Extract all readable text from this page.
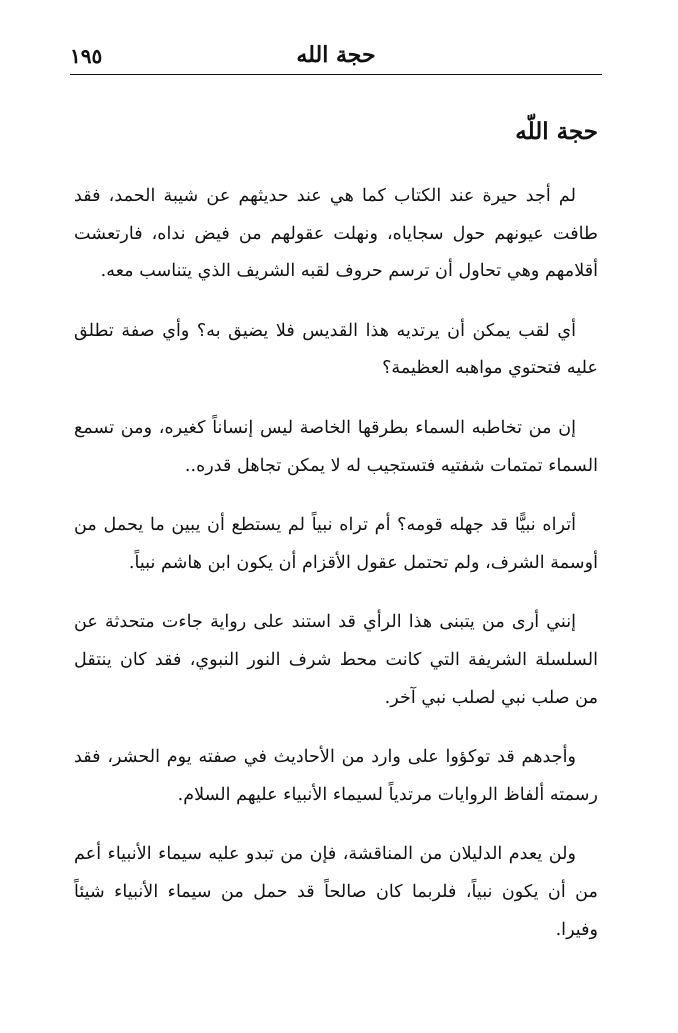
حجة الله
١٩٥
حجة اللّه

لم أجد حيرة عند الكتاب كما هي عند حديثهم عن شيبة الحمد، فقد طافت عيونهم حول سجاياه، ونهلت عقولهم من فيض نداه، فارتعشت أقلامهم وهي تحاول أن ترسم حروف لقبه الشريف الذي يتناسب معه.

أي لقب يمكن أن يرتديه هذا القديس فلا يضيق به؟ وأي صفة تطلق عليه فتحتوي مواهبه العظيمة؟

إن من تخاطبه السماء بطرقها الخاصة ليس إنساناً كغيره، ومن تسمع السماء تمتمات شفتيه فتستجيب له لا يمكن تجاهل قدره..

أتراه نبيًّا قد جهله قومه؟ أم تراه نبياً لم يستطع أن يبين ما يحمل من أوسمة الشرف، ولم تحتمل عقول الأقزام أن يكون ابن هاشم نبياً.

إنني أرى من يتبنى هذا الرأي قد استند على رواية جاءت متحدثة عن السلسلة الشريفة التي كانت محط شرف النور النبوي، فقد كان ينتقل من صلب نبي لصلب نبي آخر.

وأجدهم قد توكؤوا على وارد من الأحاديث في صفته يوم الحشر، فقد رسمته ألفاظ الروايات مرتدياً لسيماء الأنبياء عليهم السلام.

ولن يعدم الدليلان من المناقشة، فإن من تبدو عليه سيماء الأنبياء أعم من أن يكون نبياً، فلربما كان صالحاً قد حمل من سيماء الأنبياء شيئاً وفيرا.
